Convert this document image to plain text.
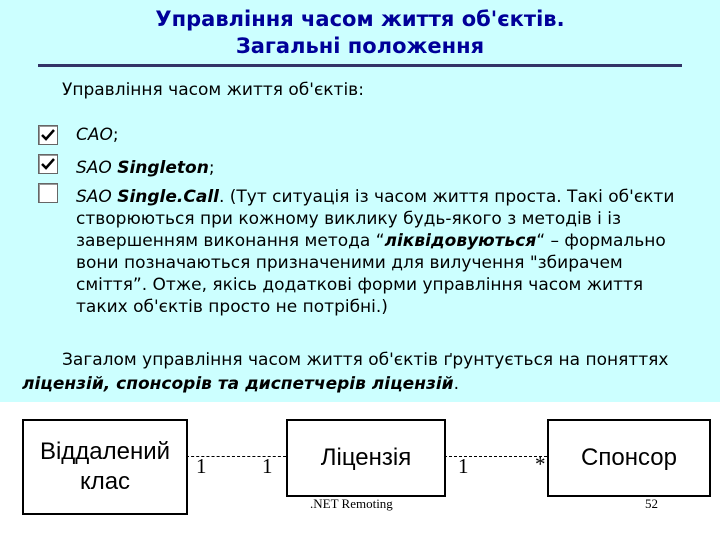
Управління часом життя об'єктів.
Загальні положення
Управління часом життя об'єктів:
CAO;
SAO Singleton;
SAO Single.Call. (Тут ситуація із часом життя проста. Такі об'єкти
створюються при кожному виклику будь-якого з методів і із
завершенням виконання метода “ліквідовуються“ – формально
вони позначаються призначеними для вилучення "збирачем
сміття”. Отже, якісь додаткові форми управління часом життя
таких об'єктів просто не потрібні.)
Загалом управління часом життя об'єктів ґрунтується на поняттях
ліцензій, спонсорів та диспетчерів ліцензій.
Віддалений
клас
Ліцензія	Спонсор
1	1	1	*
.NET Remoting	52
